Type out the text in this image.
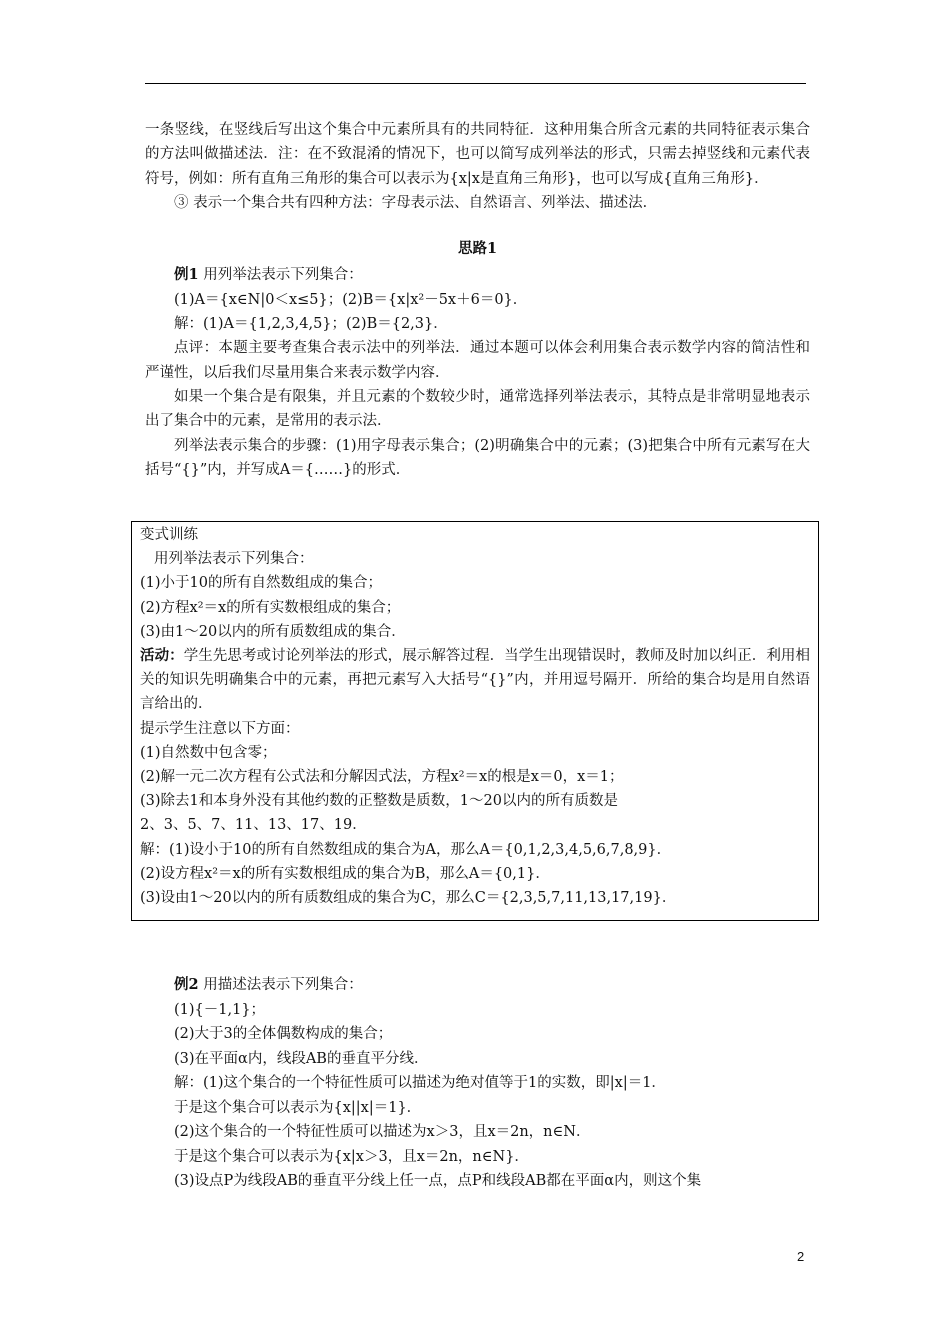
一条竖线，在竖线后写出这个集合中元素所具有的共同特征．这种用集合所含元素的共同特征表示集合的方法叫做描述法．注：在不致混淆的情况下，也可以简写成列举法的形式，只需去掉竖线和元素代表符号，例如：所有直角三角形的集合可以表示为{x|x是直角三角形}，也可以写成{直角三角形}．

③ 表示一个集合共有四种方法：字母表示法、自然语言、列举法、描述法．

思路1

例1 用列举法表示下列集合：

(1)A＝{x∈N|0＜x≤5}；(2)B＝{x|x²－5x＋6＝0}．

解：(1)A＝{1,2,3,4,5}；(2)B＝{2,3}．

点评：本题主要考查集合表示法中的列举法．通过本题可以体会利用集合表示数学内容的简洁性和严谨性，以后我们尽量用集合来表示数学内容．

如果一个集合是有限集，并且元素的个数较少时，通常选择列举法表示，其特点是非常明显地表示出了集合中的元素，是常用的表示法．

列举法表示集合的步骤：(1)用字母表示集合；(2)明确集合中的元素；(3)把集合中所有元素写在大括号“{}”内，并写成A＝{……}的形式．

变式训练

用列举法表示下列集合：

(1)小于10的所有自然数组成的集合；

(2)方程x²＝x的所有实数根组成的集合；

(3)由1～20以内的所有质数组成的集合．

活动：学生先思考或讨论列举法的形式，展示解答过程．当学生出现错误时，教师及时加以纠正．利用相关的知识先明确集合中的元素，再把元素写入大括号“{}”内，并用逗号隔开．所给的集合均是用自然语言给出的．

提示学生注意以下方面：

(1)自然数中包含零；

(2)解一元二次方程有公式法和分解因式法，方程x²＝x的根是x＝0，x＝1；

(3)除去1和本身外没有其他约数的正整数是质数，1～20以内的所有质数是

2、3、5、7、11、13、17、19．

解：(1)设小于10的所有自然数组成的集合为A，那么A＝{0,1,2,3,4,5,6,7,8,9}．

(2)设方程x²＝x的所有实数根组成的集合为B，那么A＝{0,1}．

(3)设由1～20以内的所有质数组成的集合为C，那么C＝{2,3,5,7,11,13,17,19}．

例2 用描述法表示下列集合：

(1){－1,1}；

(2)大于3的全体偶数构成的集合；

(3)在平面α内，线段AB的垂直平分线．

解：(1)这个集合的一个特征性质可以描述为绝对值等于1的实数，即|x|＝1．

于是这个集合可以表示为{x||x|＝1}．

(2)这个集合的一个特征性质可以描述为x＞3，且x＝2n，n∈N．

于是这个集合可以表示为{x|x＞3，且x＝2n，n∈N}．

(3)设点P为线段AB的垂直平分线上任一点，点P和线段AB都在平面α内，则这个集

2
